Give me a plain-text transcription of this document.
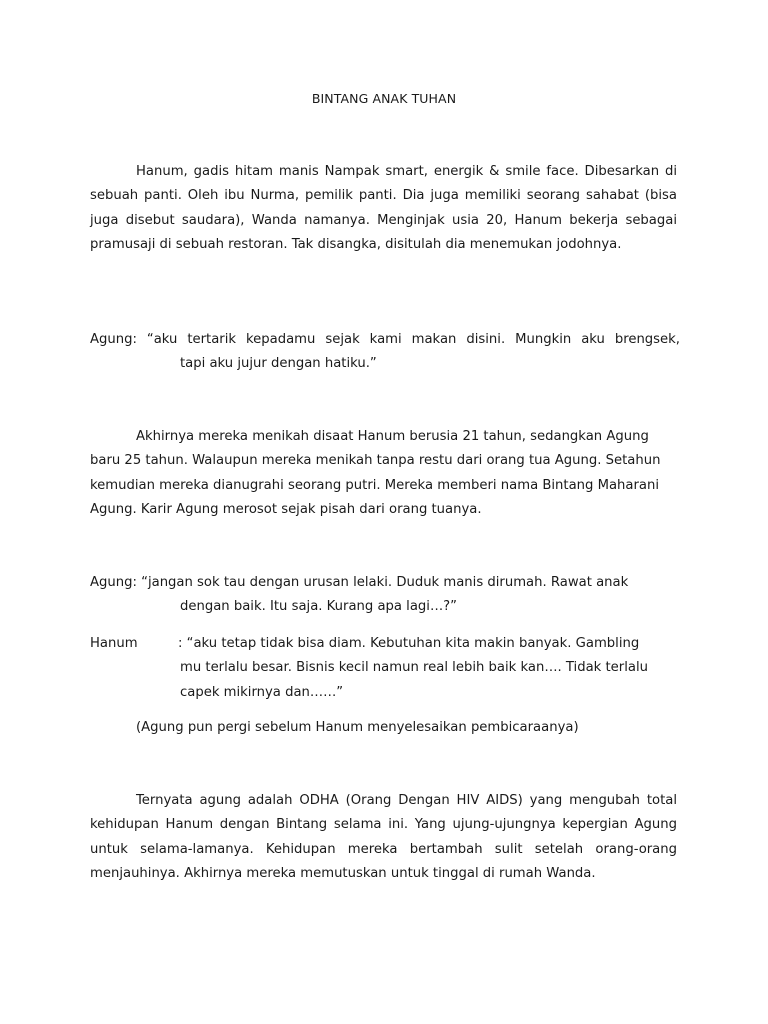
BINTANG ANAK TUHAN

Hanum, gadis hitam manis Nampak smart, energik & smile face. Dibesarkan di sebuah panti. Oleh ibu Nurma, pemilik panti. Dia juga memiliki seorang sahabat (bisa juga disebut saudara), Wanda namanya. Menginjak usia 20, Hanum bekerja sebagai pramusaji di sebuah restoran. Tak disangka, disitulah dia menemukan jodohnya.

Agung: “aku tertarik kepadamu sejak kami makan disini. Mungkin aku brengsek,
tapi aku jujur dengan hatiku.”

Akhirnya mereka menikah disaat Hanum berusia 21 tahun, sedangkan Agung baru 25 tahun. Walaupun mereka menikah tanpa restu dari orang tua Agung. Setahun kemudian mereka dianugrahi seorang putri. Mereka memberi nama Bintang Maharani Agung. Karir Agung merosot sejak pisah dari orang tuanya.

Agung: “jangan sok tau dengan urusan lelaki. Duduk manis dirumah. Rawat anak
dengan baik. Itu saja. Kurang apa lagi…?”
Hanum	: “aku tetap tidak bisa diam. Kebutuhan kita makin banyak. Gambling
mu terlalu besar. Bisnis kecil namun real lebih baik kan…. Tidak terlalu
capek mikirnya dan……”
(Agung pun pergi sebelum Hanum menyelesaikan pembicaraanya)

Ternyata agung adalah ODHA (Orang Dengan HIV AIDS) yang mengubah total kehidupan Hanum dengan Bintang selama ini. Yang ujung-ujungnya kepergian Agung untuk selama-lamanya. Kehidupan mereka bertambah sulit setelah orang-orang menjauhinya. Akhirnya mereka memutuskan untuk tinggal di rumah Wanda.
